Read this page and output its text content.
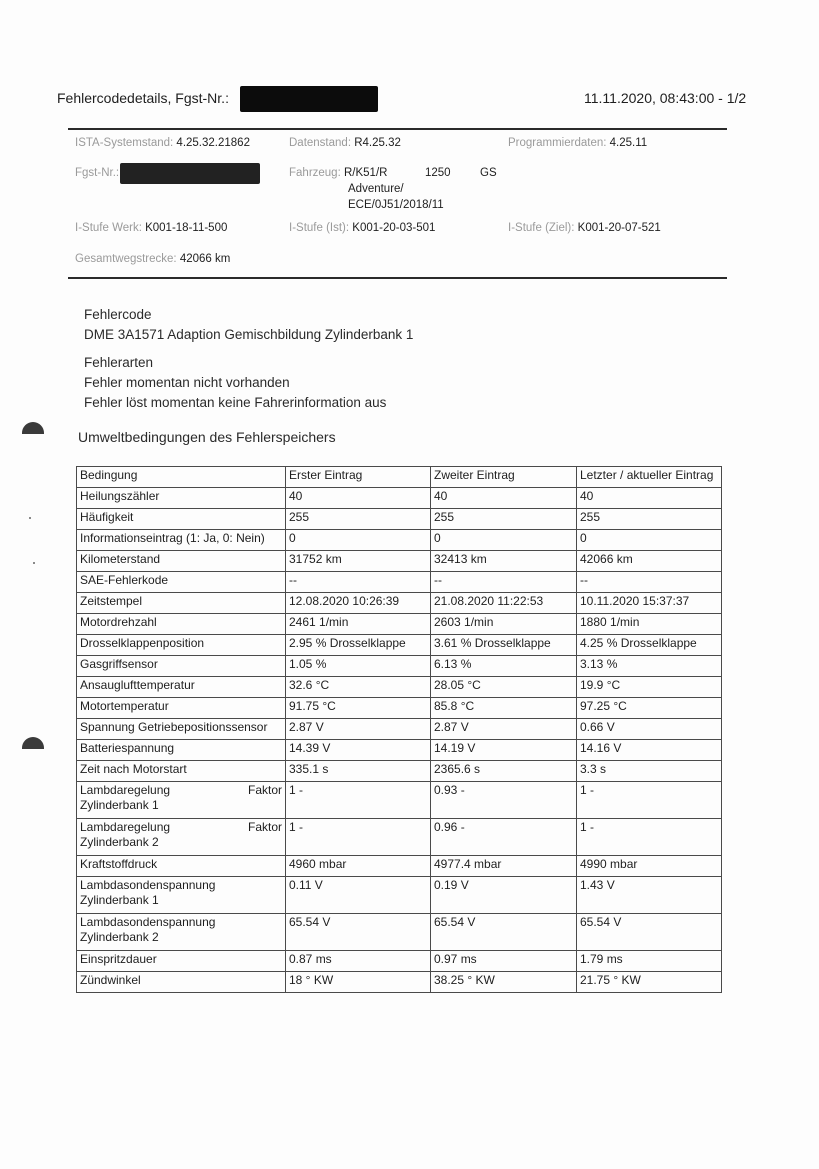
Fehlercodedetails, Fgst-Nr.:	11.11.2020, 08:43:00 - 1/2
ISTA-Systemstand: 4.25.32.21862	Datenstand: R4.25.32	Programmierdaten: 4.25.11
Fgst-Nr.:	Fahrzeug: R/K51/R	1250	GS
Adventure/
ECE/0J51/2018/11
I-Stufe Werk: K001-18-11-500	I-Stufe (Ist): K001-20-03-501	I-Stufe (Ziel): K001-20-07-521
Gesamtwegstrecke: 42066 km
Fehlercode
DME 3A1571 Adaption Gemischbildung Zylinderbank 1
Fehlerarten
Fehler momentan nicht vorhanden
Fehler löst momentan keine Fahrerinformation aus
Umweltbedingungen des Fehlerspeichers
Bedingung	Erster Eintrag	Zweiter Eintrag	Letzter / aktueller Eintrag
Heilungszähler	40	40	40
Häufigkeit	255	255	255
Informationseintrag (1: Ja, 0: Nein)	0	0	0
Kilometerstand	31752 km	32413 km	42066 km
SAE-Fehlerkode	--	--	--
Zeitstempel	12.08.2020 10:26:39	21.08.2020 11:22:53	10.11.2020 15:37:37
Motordrehzahl	2461 1/min	2603 1/min	1880 1/min
Drosselklappenposition	2.95 % Drosselklappe	3.61 % Drosselklappe	4.25 % Drosselklappe
Gasgriffsensor	1.05 %	6.13 %	3.13 %
Ansauglufttemperatur	32.6 °C	28.05 °C	19.9 °C
Motortemperatur	91.75 °C	85.8 °C	97.25 °C
Spannung Getriebepositionssensor	2.87 V	2.87 V	0.66 V
Batteriespannung	14.39 V	14.19 V	14.16 V
Zeit nach Motorstart	335.1 s	2365.6 s	3.3 s

Lambdaregelung Faktor
Zylinderbank 1	1 -	0.93 -	1 -

Lambdaregelung Faktor
Zylinderbank 2	1 -	0.96 -	1 -
Kraftstoffdruck	4960 mbar	4977.4 mbar	4990 mbar

Lambdasondenspannung
Zylinderbank 1	0.11 V	0.19 V	1.43 V

Lambdasondenspannung
Zylinderbank 2	65.54 V	65.54 V	65.54 V
Einspritzdauer	0.87 ms	0.97 ms	1.79 ms
Zündwinkel	18 ° KW	38.25 ° KW	21.75 ° KW
